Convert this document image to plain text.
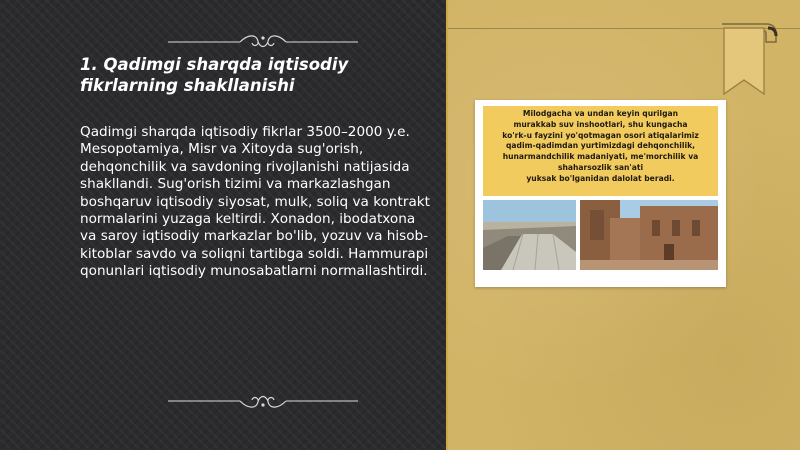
1. Qadimgi sharqda iqtisodiy fikrlarning shakllanishi

Qadimgi sharqda iqtisodiy fikrlar 3500–2000 y.e. Mesopotamiya, Misr va Xitoyda sug'orish, dehqonchilik va savdoning rivojlanishi natijasida shakllandi. Sug'orish tizimi va markazlashgan boshqaruv iqtisodiy siyosat, mulk, soliq va kontrakt normalarini yuzaga keltirdi. Xonadon, ibodatxona va saroy iqtisodiy markazlar bo'lib, yozuv va hisob-kitoblar savdo va soliqni tartibga soldi. Hammurapi qonunlari iqtisodiy munosabatlarni normallashtirdi.

Milodgacha va undan keyin qurilgan
murakkab suv inshootlari, shu kungacha
ko'rk-u fayzini yo'qotmagan osori atiqalarimiz
qadim-qadimdan yurtimizdagi dehqonchilik,
hunarmandchilik madaniyati, me'morchilik va
shaharsozlik san'ati
yuksak bo'lganidan dalolat beradi.
